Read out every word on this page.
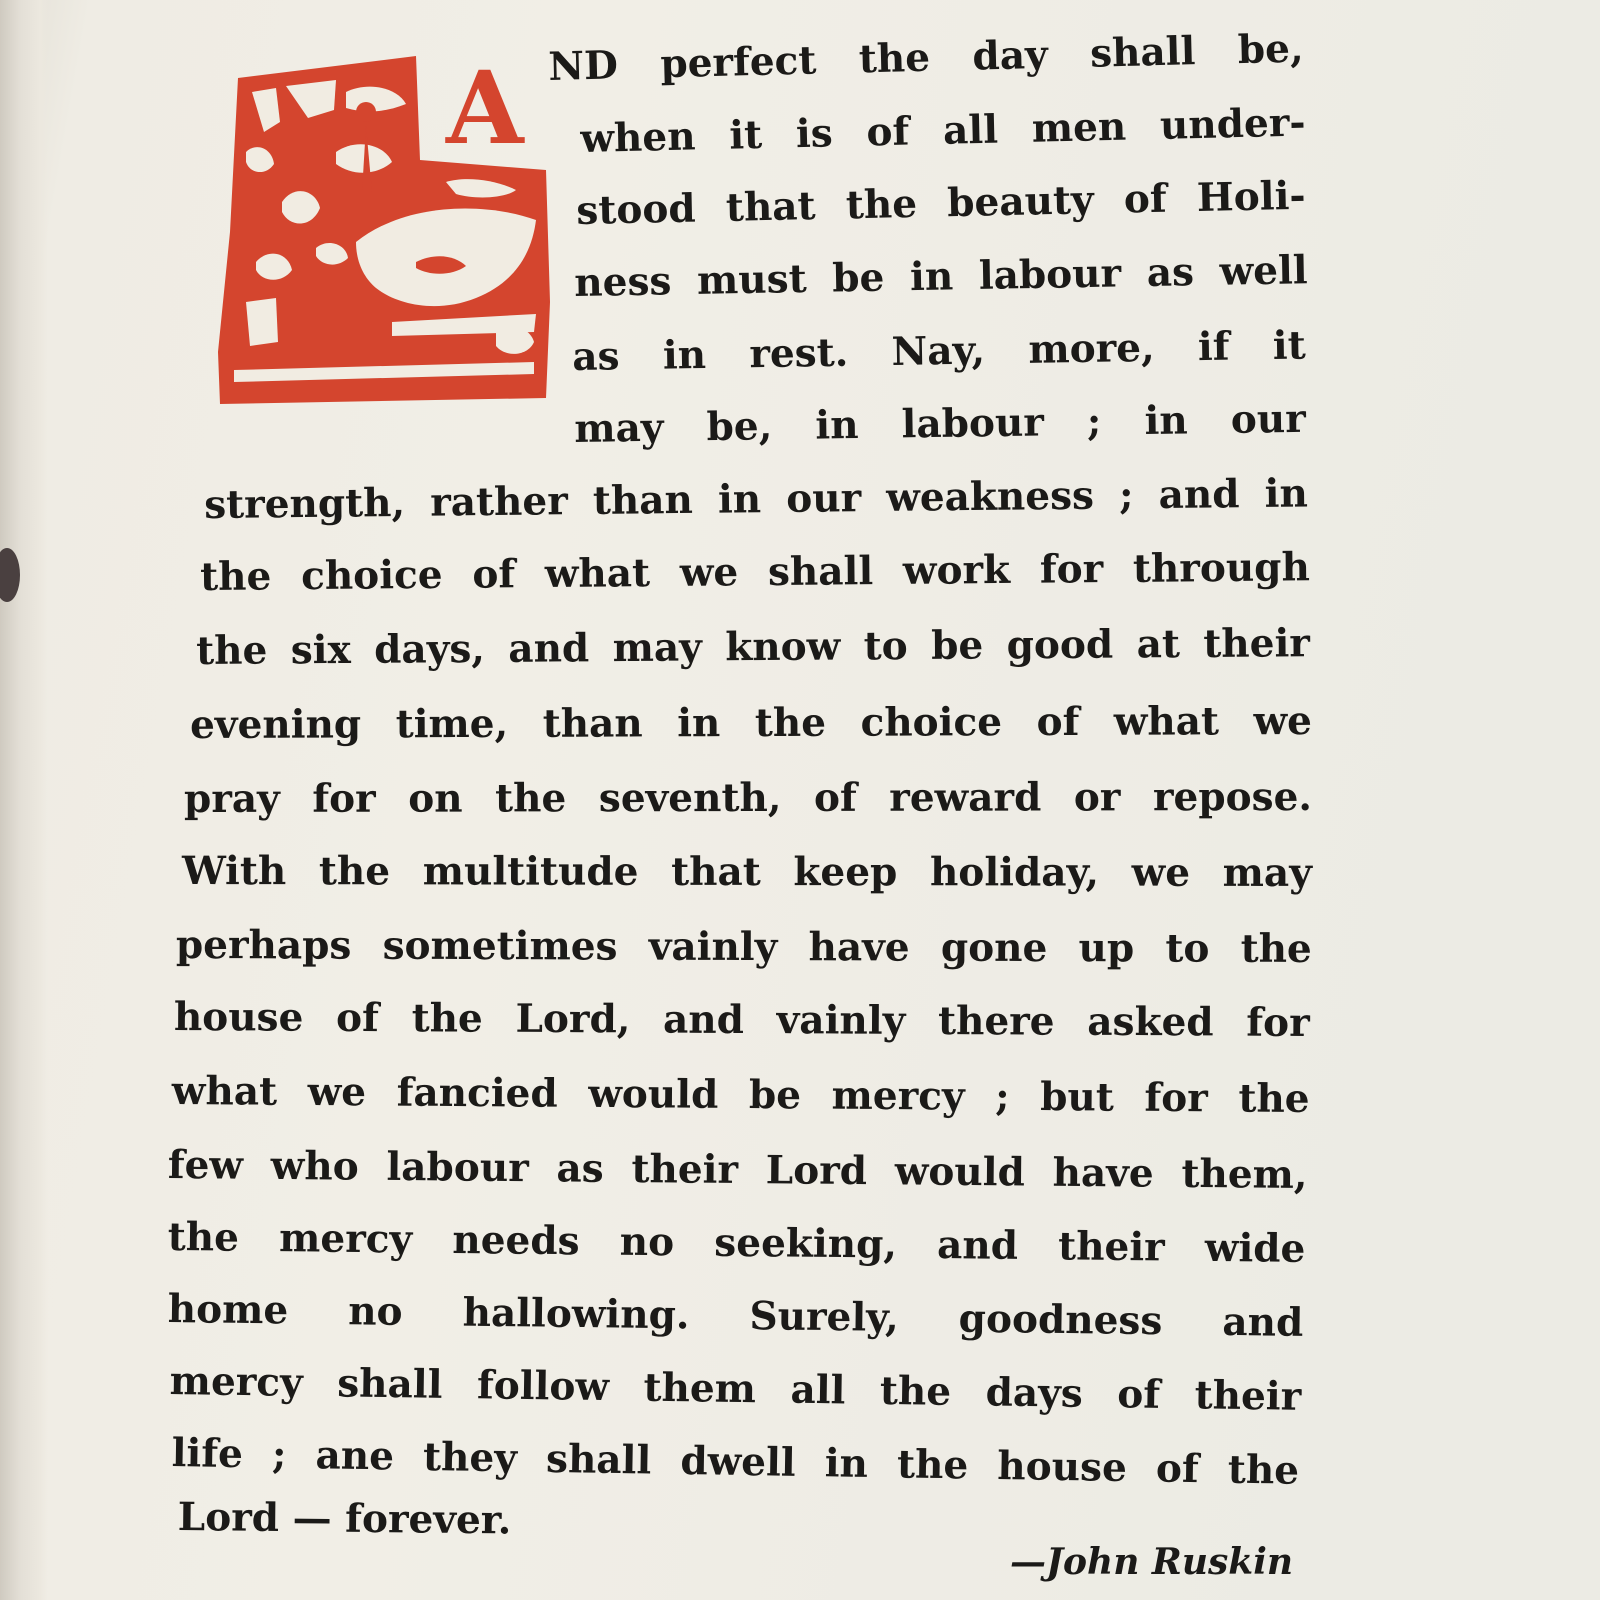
A ND perfect the day shall be,
when it is of all men under-
stood that the beauty of Holi-
ness must be in labour as well
as in rest. Nay, more, if it
may be, in labour ; in our
strength, rather than in our weakness ; and in
the choice of what we shall work for through
the six days, and may know to be good at their
evening time, than in the choice of what we
pray for on the seventh, of reward or repose.
With the multitude that keep holiday, we may
perhaps sometimes vainly have gone up to the
house of the Lord, and vainly there asked for
what we fancied would be mercy ; but for the
few who labour as their Lord would have them,
the mercy needs no seeking, and their wide
home no hallowing. Surely, goodness and
mercy shall follow them all the days of their
life ; ane they shall dwell in the house of the
Lord — forever.
—John Ruskin
